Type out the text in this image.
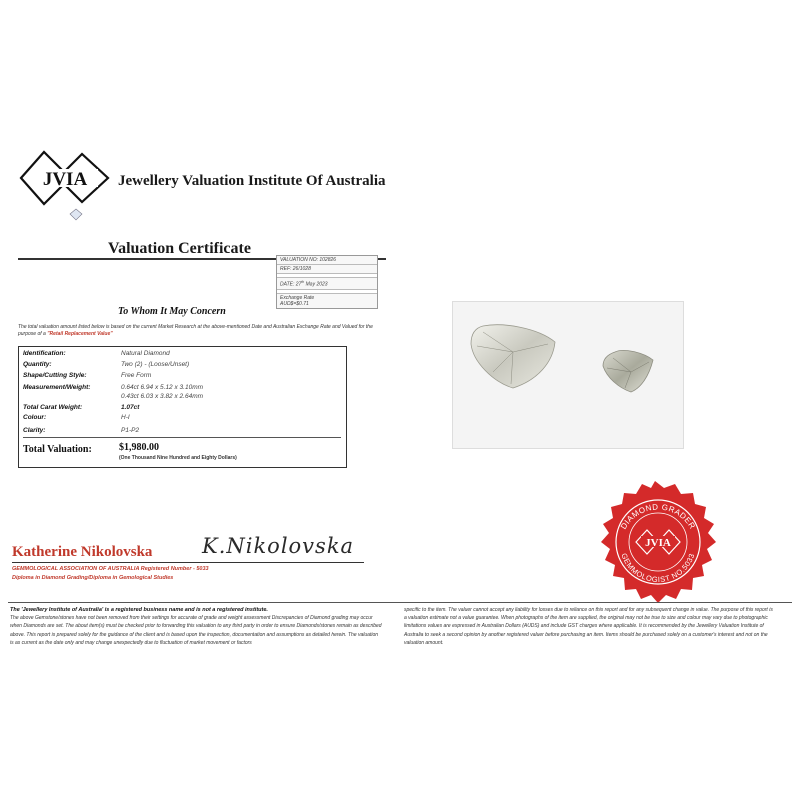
JVIA Jewellery Valuation Institute Of Australia
Valuation Certificate
VALUATION NO: 102826
REF: 26/1028
DATE: 27th May 2023
Exchange Rate
AUD$=$0.71
To Whom It May Concern
The total valuation amount listed below is based on the current Market Research at the above-mentioned Date and Australian Exchange Rate and Valued for the purpose of a "Retail Replacement Value"
Identification:	Natural Diamond
Quantity:	Two (2) - (Loose/Unset)
Shape/Cutting Style:	Free Form
Measurement/Weight:	0.64ct 6.94 x 5.12 x 3.10mm
0.43ct 6.03 x 3.82 x 2.64mm
Total Carat Weight:	1.07ct
Colour:	H-I
Clarity:	P1-P2
Total Valuation:	$1,980.00
(One Thousand Nine Hundred and Eighty Dollars)
DIAMOND GRADER
GEMMOLOGIST NO.5033
JVIA
Katherine Nikolovska K.Nikolovska
GEMMOLOGICAL ASSOCIATION OF AUSTRALIA Registered Number - 5033
Diploma in Diamond Grading/Diploma in Gemological Studies
The 'Jewellery Institute of Australia' is a registered business name and is not a registered institute.
The above Gemstone/stones have not been removed from their settings for accurate of grade and weight assessment Discrepancies of Diamond grading may occur when Diamonds are set. The about item(s) must be checked prior to forwarding this valuation to any third party in order to ensure Diamonds/stones remain as described above. This report is prepared solely for the guidance of the client and is based upon the inspection, documentation and assumptions as detailed herein. The valuation is as current as the date only and may change unexpectedly due to fluctuation of market movement or factors
specific to the item. The valuer cannot accept any liability for losses due to reliance on this report and for any subsequent change in value. The purpose of this report is a valuation estimate not a value guarantee. When photographs of the item are supplied, the original may not be true to size and colour may vary due to photographic limitations values are expressed in Australian Dollars (AUDS) and include GST charges where applicable. It is recommended by the Jewellery Valuation Institute of Australia to seek a second opinion by another registered valuer before purchasing an item. Items should be purchased solely on a customer's interest and not on the valuation amount.
